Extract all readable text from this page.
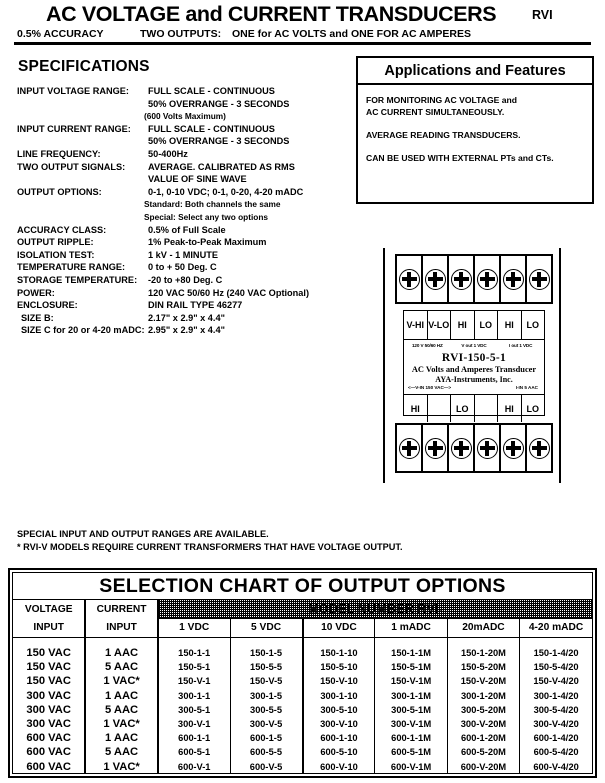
AC VOLTAGE and CURRENT TRANSDUCERS	RVI
0.5% ACCURACY	TWO OUTPUTS: ONE for AC VOLTS and ONE FOR AC AMPERES
SPECIFICATIONS
INPUT VOLTAGE RANGE: FULL SCALE - CONTINUOUS
50% OVERRANGE - 3 SECONDS
(600 Volts Maximum)
INPUT CURRENT RANGE: FULL SCALE - CONTINUOUS
50% OVERRANGE - 3 SECONDS
LINE FREQUENCY:	50-400Hz
TWO OUTPUT SIGNALS: AVERAGE. CALIBRATED AS RMS
VALUE OF SINE WAVE
OUTPUT OPTIONS:	0-1, 0-10 VDC; 0-1, 0-20, 4-20 mADC
Standard: Both channels the same
Special: Select any two options
ACCURACY CLASS:	0.5% of Full Scale
OUTPUT RIPPLE:	1% Peak-to-Peak Maximum
ISOLATION TEST:	1 kV - 1 MINUTE
TEMPERATURE RANGE: 0 to + 50 Deg. C
STORAGE TEMPERATURE: -20 to +80 Deg. C
POWER:	120 VAC 50/60 Hz (240 VAC Optional)
ENCLOSURE:	DIN RAIL TYPE 46277
SIZE B:	2.17" x 2.9" x 4.4"
SIZE C for 20 or 4-20 mADC: 2.95" x 2.9" x 4.4"
Applications and Features
FOR MONITORING AC VOLTAGE and
AC CURRENT SIMULTANEOUSLY.
AVERAGE READING TRANSDUCERS.
CAN BE USED WITH EXTERNAL PTs and CTs.
V-HI V-LO HI	LO	HI	LO
120 V 50/60 HZ	V out 1 VDC	I out 1 VDC
RVI-150-5-1
AC Volts and Amperes Transducer
AYA-Instruments, Inc.
<—V-IN 150 VAC—>	I-IN 5 AAC
HI	LO	HI	LO
SPECIAL INPUT AND OUTPUT RANGES ARE AVAILABLE.
* RVI-V MODELS REQUIRE CURRENT TRANSFORMERS THAT HAVE VOLTAGE OUTPUT.
SELECTION CHART OF OUTPUT OPTIONS
VOLTAGE	CURRENT	MODEL NUMBER RVI-					
INPUT	INPUT	1 VDC	5 VDC	10 VDC	1 mADC	20mADC	4-20 mADC

150 VAC	1 AAC	150-1-1	150-1-5	150-1-10	150-1-1M	150-1-20M	150-1-4/20
150 VAC	5 AAC	150-5-1	150-5-5	150-5-10	150-5-1M	150-5-20M	150-5-4/20
150 VAC	1 VAC*	150-V-1	150-V-5	150-V-10	150-V-1M	150-V-20M	150-V-4/20
300 VAC	1 AAC	300-1-1	300-1-5	300-1-10	300-1-1M	300-1-20M	300-1-4/20
300 VAC	5 AAC	300-5-1	300-5-5	300-5-10	300-5-1M	300-5-20M	300-5-4/20
300 VAC	1 VAC*	300-V-1	300-V-5	300-V-10	300-V-1M	300-V-20M	300-V-4/20
600 VAC	1 AAC	600-1-1	600-1-5	600-1-10	600-1-1M	600-1-20M	600-1-4/20
600 VAC	5 AAC	600-5-1	600-5-5	600-5-10	600-5-1M	600-5-20M	600-5-4/20
600 VAC	1 VAC*	600-V-1	600-V-5	600-V-10	600-V-1M	600-V-20M	600-V-4/20
